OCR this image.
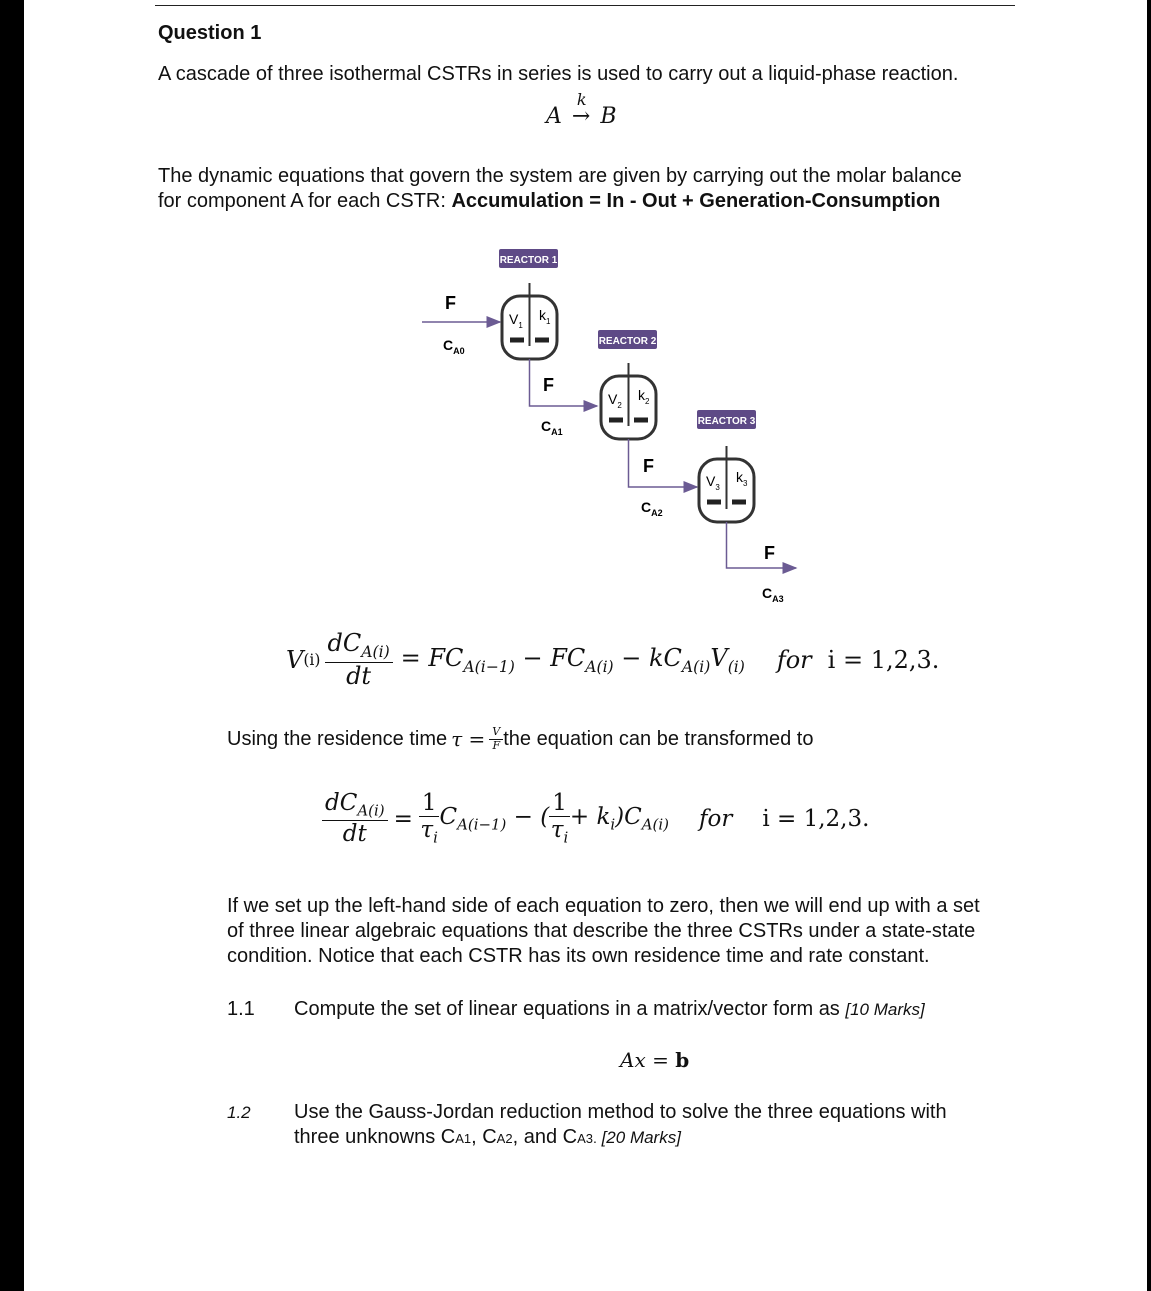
Question 1
A cascade of three isothermal CSTRs in series is used to carry out a liquid-phase reaction.
A
k
→ B
The dynamic equations that govern the system are given by carrying out the molar balance
for component A for each CSTR: Accumulation = In - Out + Generation-Consumption
F
$C_{A0}$
REACTOR 1
$V_1$
$k_1$
F
$C_{A1}$
REACTOR 2
$V_2$
$k_2$
F
$C_{A2}$
REACTOR 3
$V_3$
$k_3$
F
$C_{A3}$
V $(i) \frac{dC_{A(i)}}{dt} = FC_{A(i-1)} - FC_{A(i)} - kC_{A(i)}V_{(i)}$ for i = 1,2,3.
Using the residence time $\tau = \frac{V}{F}$ the equation can be transformed to
$\frac{dC_{A(i)}}{dt} = \frac{1}{\tau_i} C_{A(i-1)}$ − ( $\frac{1}{\tau_i} + k_i)C_{A(i)}$ for i = 1,2,3.
If we set up the left-hand side of each equation to zero, then we will end up with a set
of three linear algebraic equations that describe the three CSTRs under a state-state
condition. Notice that each CSTR has its own residence time and rate constant.
1.1 Compute the set of linear equations in a matrix/vector form as [10 Marks]
Ax = b
1.2 Use the Gauss-Jordan reduction method to solve the three equations with
three unknowns CA1, CA2, and CA3. [20 Marks]
